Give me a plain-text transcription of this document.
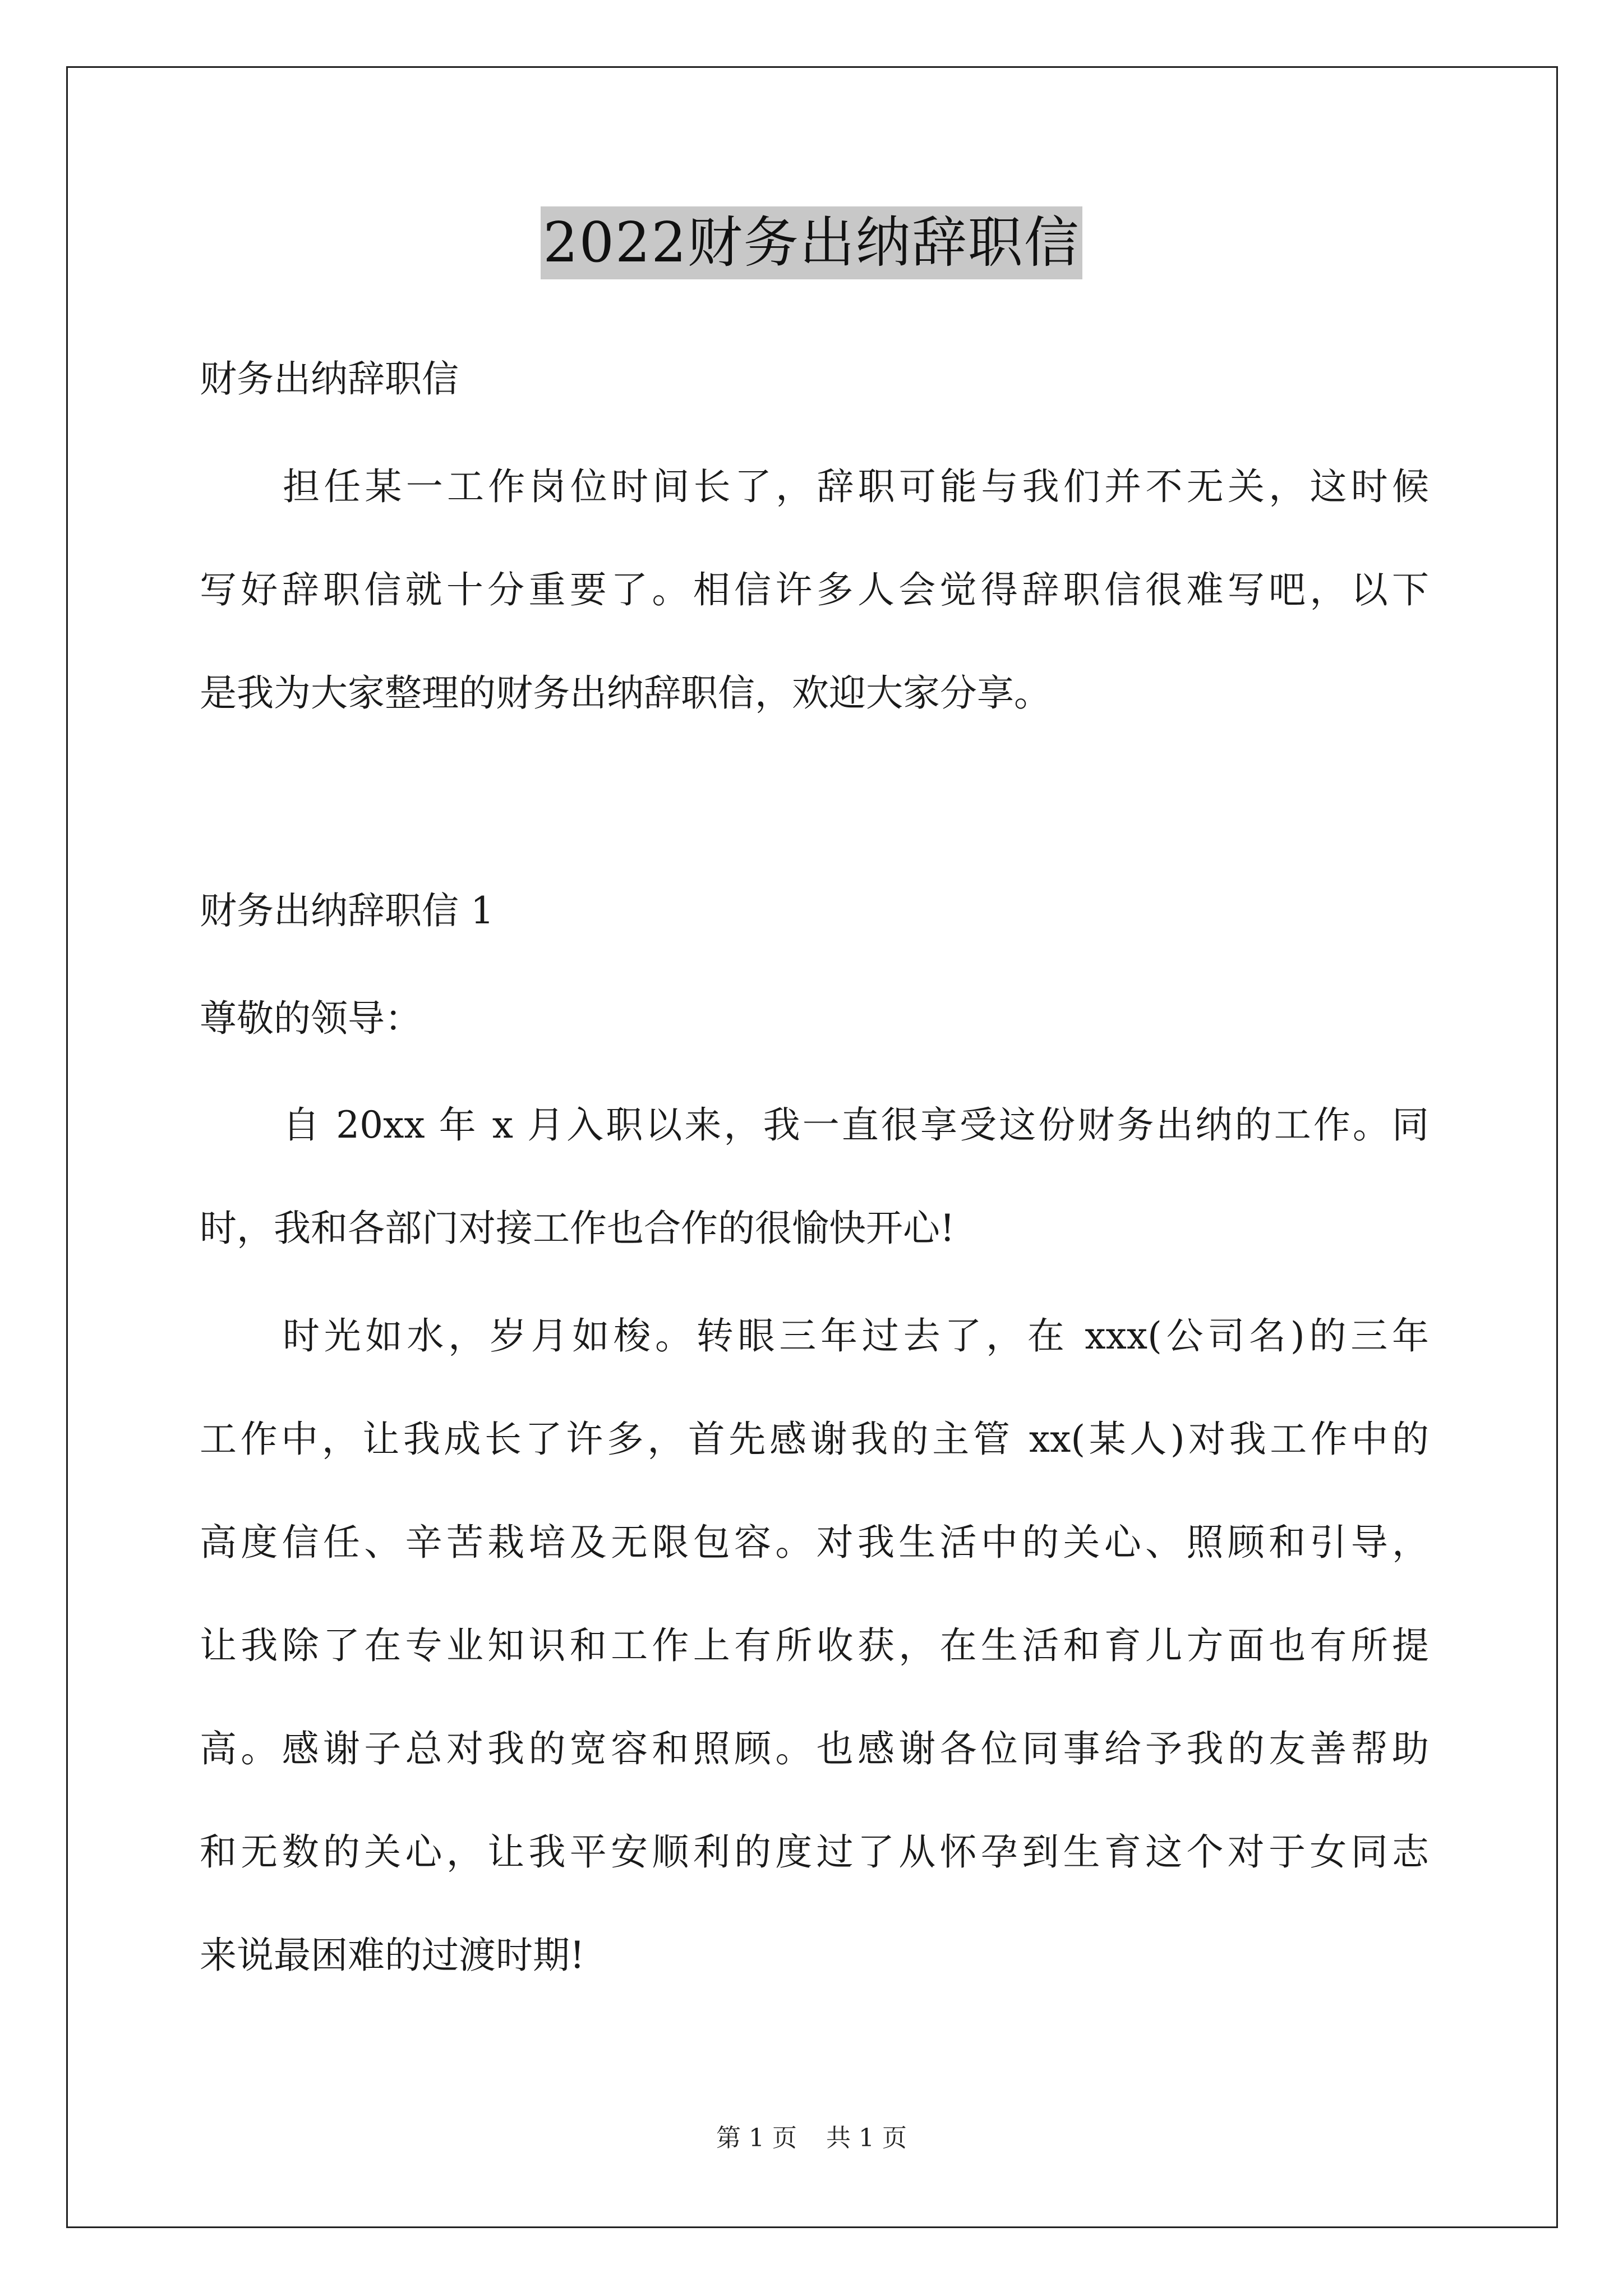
2022财务出纳辞职信

财务出纳辞职信

担任某一工作岗位时间长了，辞职可能与我们并不无关，这时候
写好辞职信就十分重要了。相信许多人会觉得辞职信很难写吧，以下
是我为大家整理的财务出纳辞职信，欢迎大家分享。

财务出纳辞职信 1

尊敬的领导：

自 20xx 年 x 月入职以来，我一直很享受这份财务出纳的工作。同
时，我和各部门对接工作也合作的很愉快开心!
时光如水，岁月如梭。转眼三年过去了，在 xxx(公司名)的三年
工作中，让我成长了许多，首先感谢我的主管 xx(某人)对我工作中的
高度信任、辛苦栽培及无限包容。对我生活中的关心、照顾和引导，
让我除了在专业知识和工作上有所收获，在生活和育儿方面也有所提
高。感谢子总对我的宽容和照顾。也感谢各位同事给予我的友善帮助
和无数的关心，让我平安顺利的度过了从怀孕到生育这个对于女同志
来说最困难的过渡时期!
第 1 页 共 1 页
